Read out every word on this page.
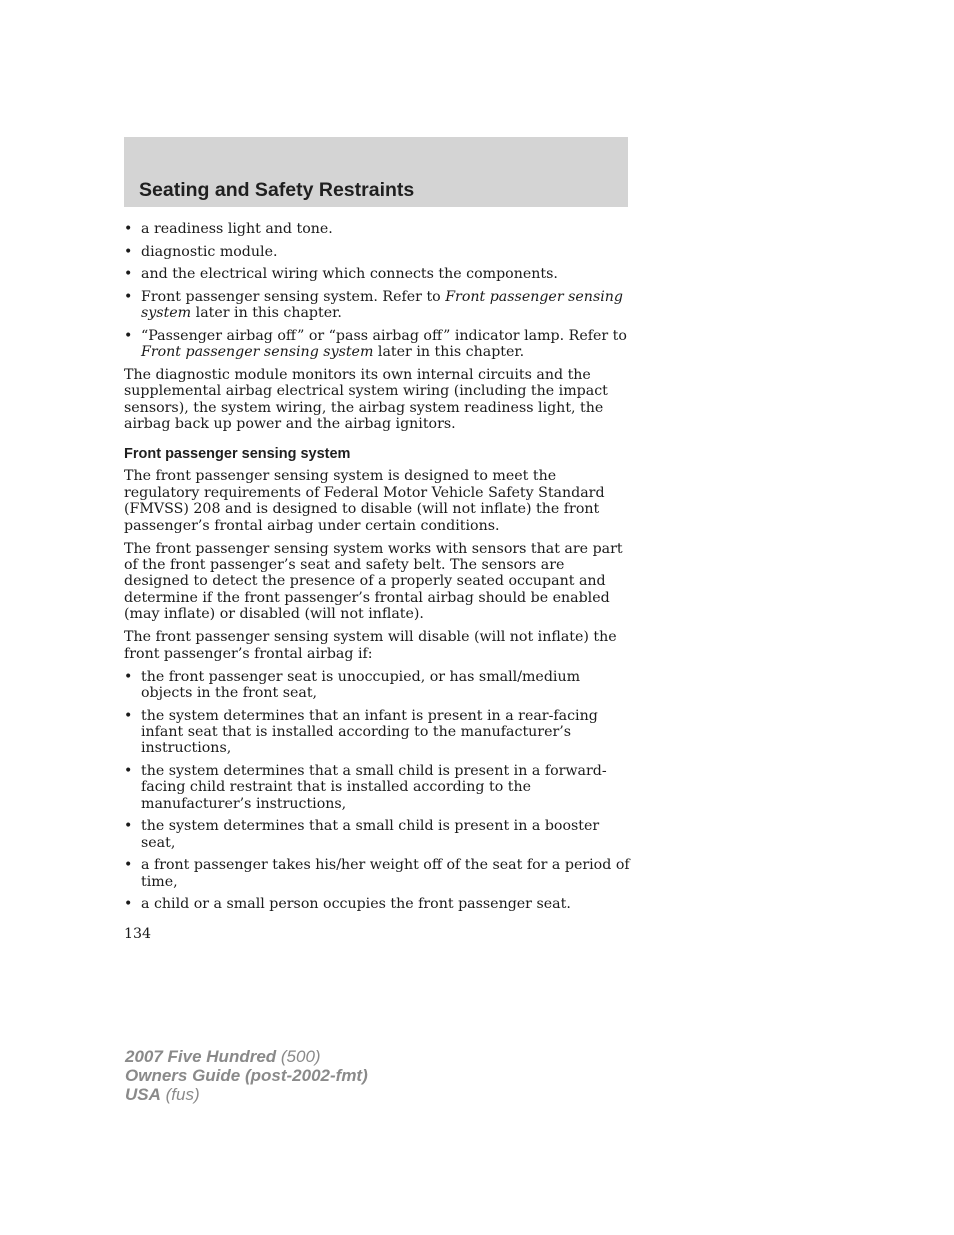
Seating and Safety Restraints
• a readiness light and tone.
• diagnostic module.
• and the electrical wiring which connects the components.
• Front passenger sensing system. Refer to Front passenger sensing system later in this chapter.
• “Passenger airbag off” or “pass airbag off” indicator lamp. Refer to Front passenger sensing system later in this chapter.

The diagnostic module monitors its own internal circuits and the supplemental airbag electrical system wiring (including the impact sensors), the system wiring, the airbag system readiness light, the airbag back up power and the airbag ignitors.

Front passenger sensing system

The front passenger sensing system is designed to meet the regulatory requirements of Federal Motor Vehicle Safety Standard (FMVSS) 208 and is designed to disable (will not inflate) the front passenger’s frontal airbag under certain conditions.

The front passenger sensing system works with sensors that are part of the front passenger’s seat and safety belt. The sensors are designed to detect the presence of a properly seated occupant and determine if the front passenger’s frontal airbag should be enabled (may inflate) or disabled (will not inflate).

The front passenger sensing system will disable (will not inflate) the front passenger’s frontal airbag if:

• the front passenger seat is unoccupied, or has small/medium objects in the front seat,
• the system determines that an infant is present in a rear-facing infant seat that is installed according to the manufacturer’s instructions,
• the system determines that a small child is present in a forward-facing child restraint that is installed according to the manufacturer’s instructions,
• the system determines that a small child is present in a booster seat,
• a front passenger takes his/her weight off of the seat for a period of time,
• a child or a small person occupies the front passenger seat.
134
2007 Five Hundred (500)
Owners Guide (post-2002-fmt)
USA (fus)
